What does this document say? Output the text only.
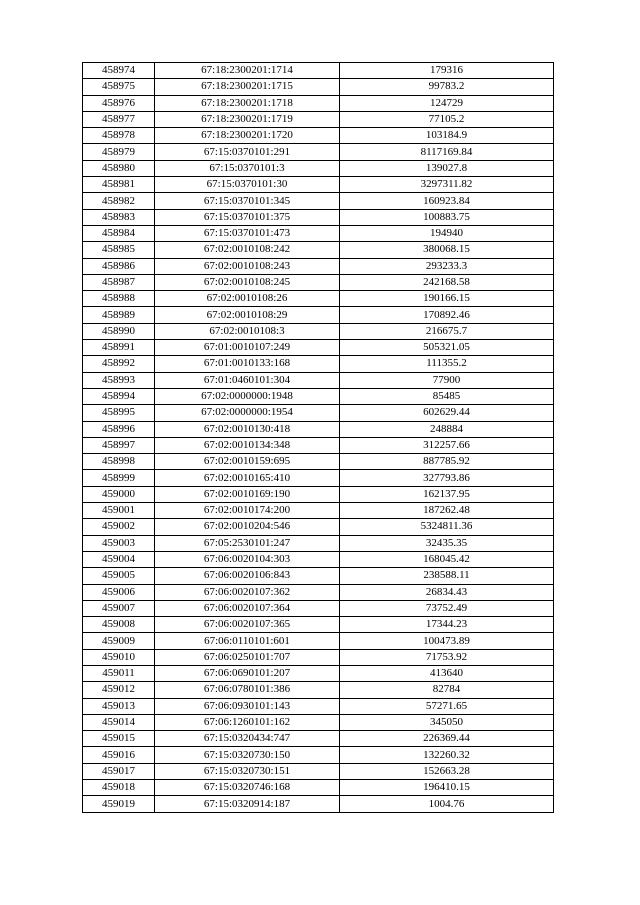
458974	67:18:2300201:1714	179316
458975	67:18:2300201:1715	99783.2
458976	67:18:2300201:1718	124729
458977	67:18:2300201:1719	77105.2
458978	67:18:2300201:1720	103184.9
458979	67:15:0370101:291	8117169.84
458980	67:15:0370101:3	139027.8
458981	67:15:0370101:30	3297311.82
458982	67:15:0370101:345	160923.84
458983	67:15:0370101:375	100883.75
458984	67:15:0370101:473	194940
458985	67:02:0010108:242	380068.15
458986	67:02:0010108:243	293233.3
458987	67:02:0010108:245	242168.58
458988	67:02:0010108:26	190166.15
458989	67:02:0010108:29	170892.46
458990	67:02:0010108:3	216675.7
458991	67:01:0010107:249	505321.05
458992	67:01:0010133:168	111355.2
458993	67:01:0460101:304	77900
458994	67:02:0000000:1948	85485
458995	67:02:0000000:1954	602629.44
458996	67:02:0010130:418	248884
458997	67:02:0010134:348	312257.66
458998	67:02:0010159:695	887785.92
458999	67:02:0010165:410	327793.86
459000	67:02:0010169:190	162137.95
459001	67:02:0010174:200	187262.48
459002	67:02:0010204:546	5324811.36
459003	67:05:2530101:247	32435.35
459004	67:06:0020104:303	168045.42
459005	67:06:0020106:843	238588.11
459006	67:06:0020107:362	26834.43
459007	67:06:0020107:364	73752.49
459008	67:06:0020107:365	17344.23
459009	67:06:0110101:601	100473.89
459010	67:06:0250101:707	71753.92
459011	67:06:0690101:207	413640
459012	67:06:0780101:386	82784
459013	67:06:0930101:143	57271.65
459014	67:06:1260101:162	345050
459015	67:15:0320434:747	226369.44
459016	67:15:0320730:150	132260.32
459017	67:15:0320730:151	152663.28
459018	67:15:0320746:168	196410.15
459019	67:15:0320914:187	1004.76
